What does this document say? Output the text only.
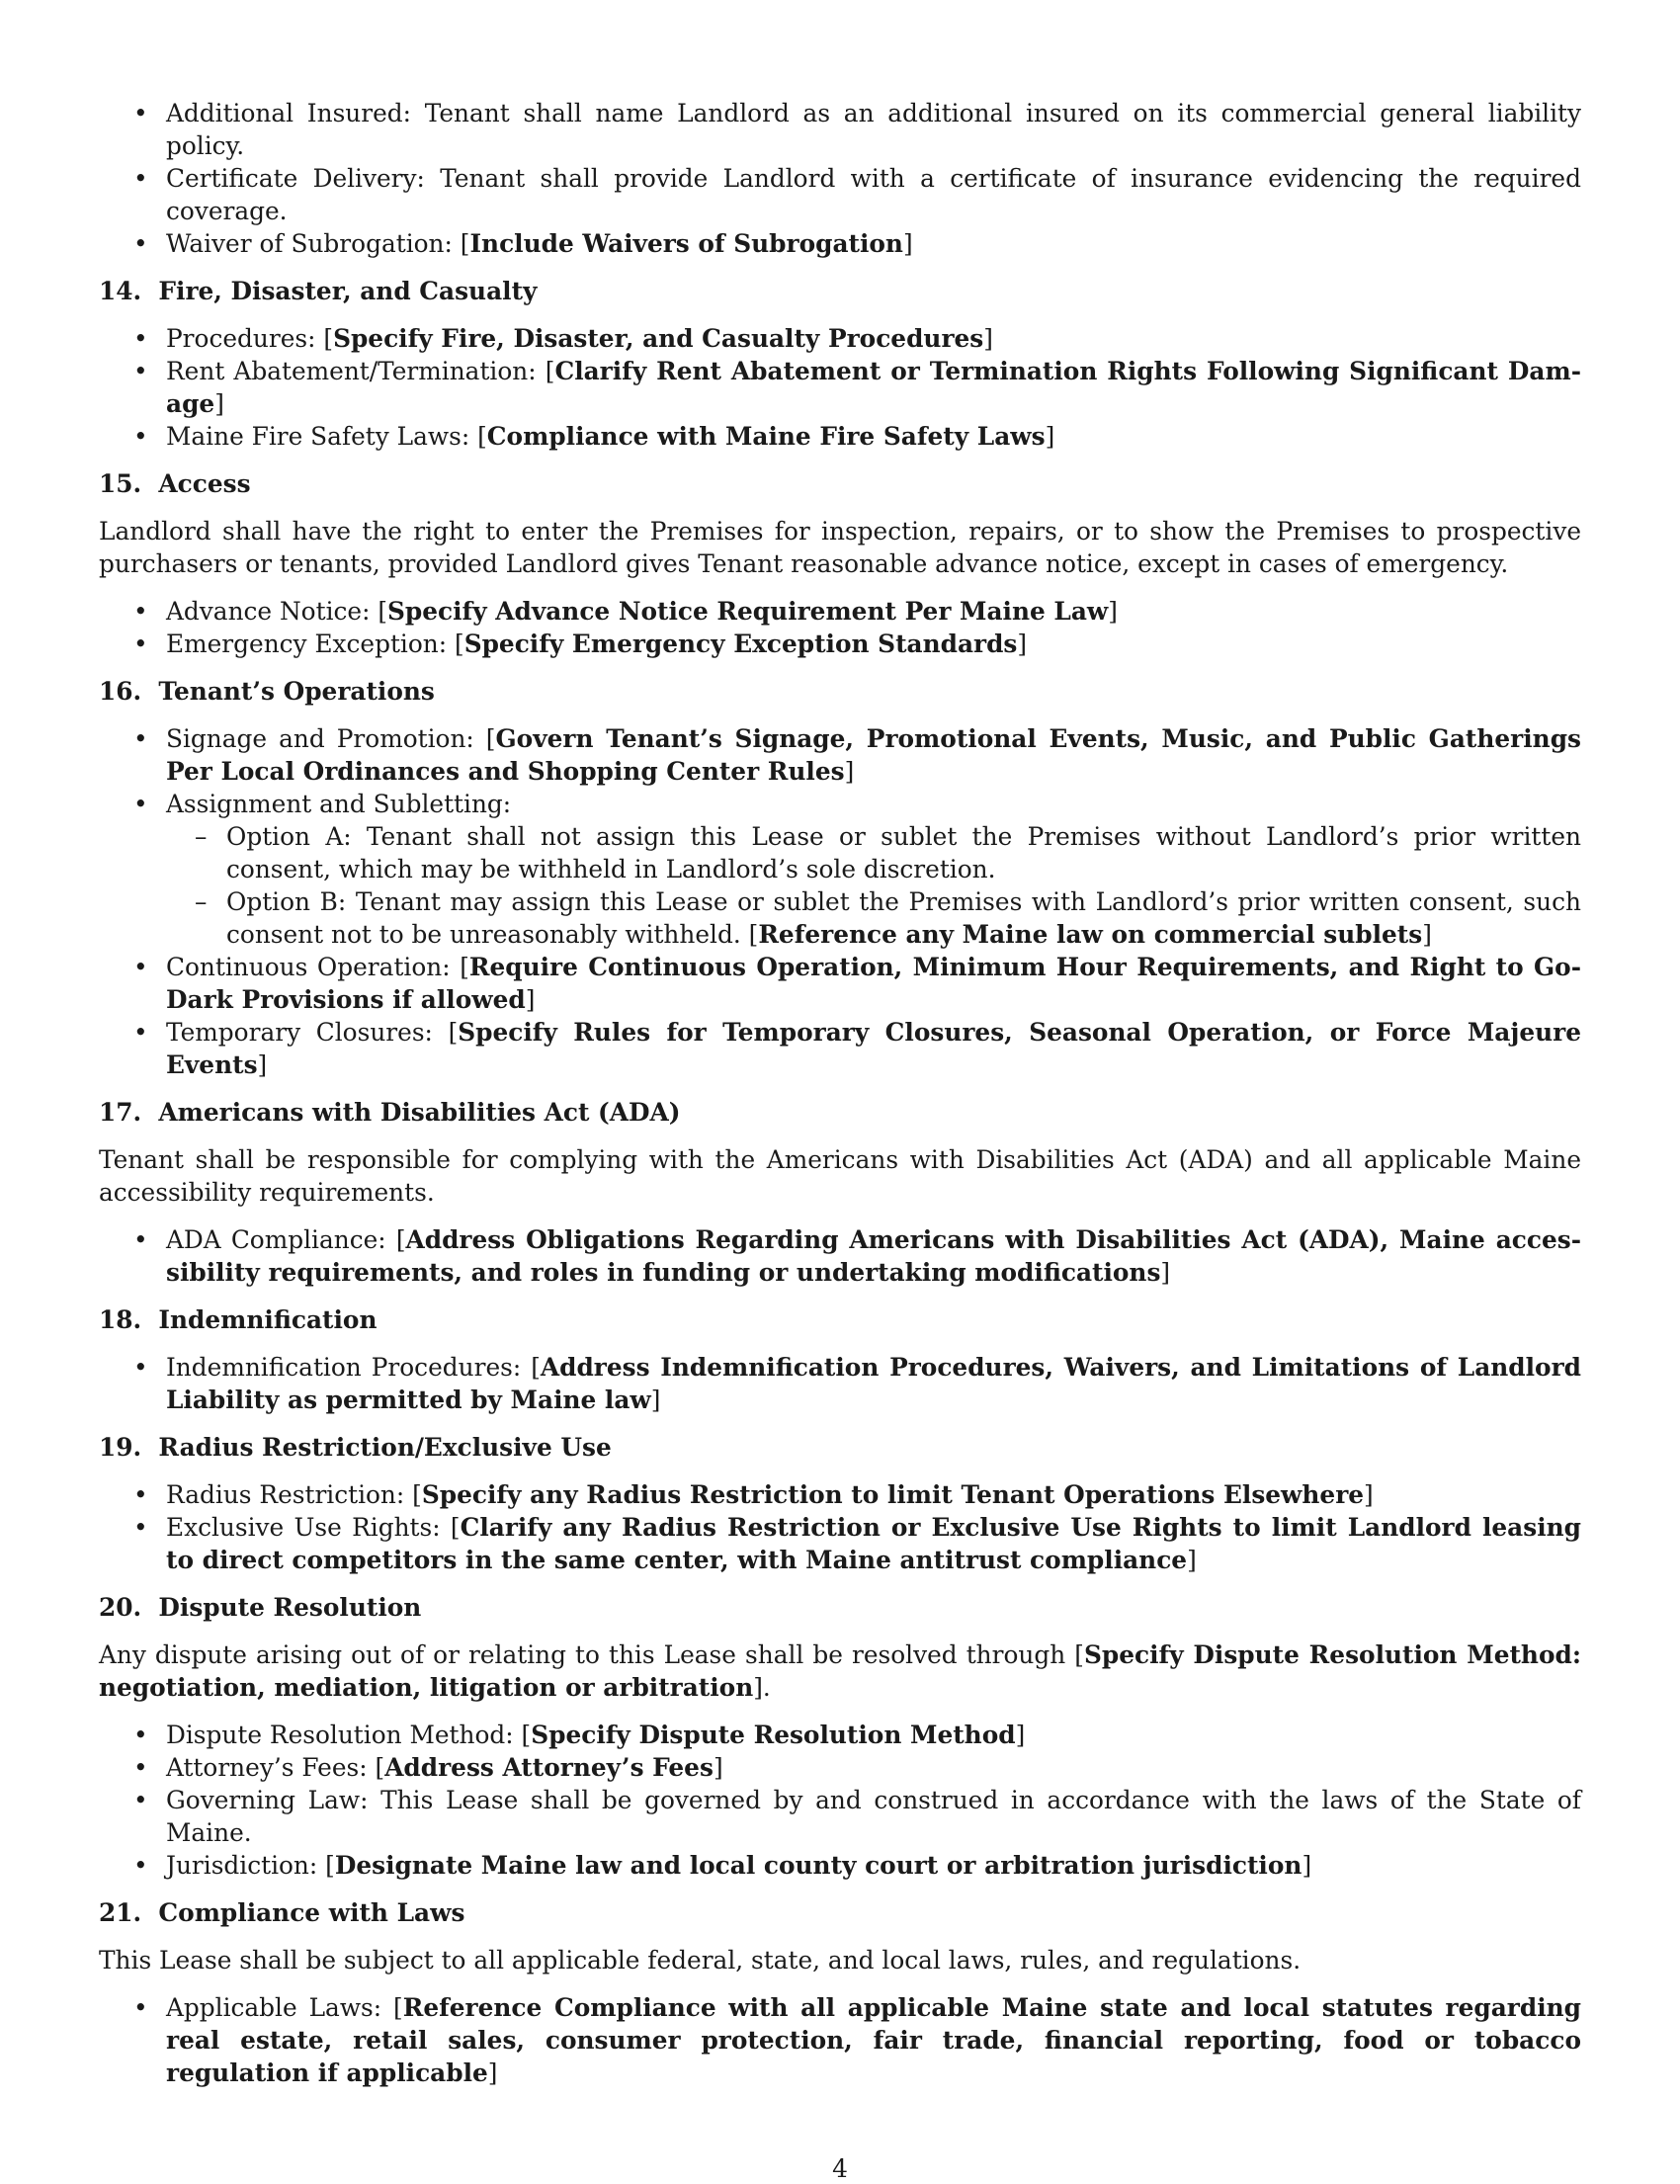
• Additional Insured: Tenant shall name Landlord as an additional insured on its commercial general liability policy.
• Certificate Delivery: Tenant shall provide Landlord with a certificate of insurance evidencing the required coverage.
• Waiver of Subrogation: [Include Waivers of Subrogation]
14. Fire, Disaster, and Casualty
• Procedures: [Specify Fire, Disaster, and Casualty Procedures]
• Rent Abatement/Termination: [Clarify Rent Abatement or Termination Rights Following Significant Damage]
• Maine Fire Safety Laws: [Compliance with Maine Fire Safety Laws]
15. Access

Landlord shall have the right to enter the Premises for inspection, repairs, or to show the Premises to prospective purchasers or tenants, provided Landlord gives Tenant reasonable advance notice, except in cases of emergency.

• Advance Notice: [Specify Advance Notice Requirement Per Maine Law]
• Emergency Exception: [Specify Emergency Exception Standards]
16. Tenant’s Operations
• Signage and Promotion: [Govern Tenant’s Signage, Promotional Events, Music, and Public Gatherings Per Local Ordinances and Shopping Center Rules]
• Assignment and Subletting:
– Option A: Tenant shall not assign this Lease or sublet the Premises without Landlord’s prior written consent, which may be withheld in Landlord’s sole discretion.
– Option B: Tenant may assign this Lease or sublet the Premises with Landlord’s prior written consent, such consent not to be unreasonably withheld. [Reference any Maine law on commercial sublets]
• Continuous Operation: [Require Continuous Operation, Minimum Hour Requirements, and Right to Go-Dark Provisions if allowed]
• Temporary Closures: [Specify Rules for Temporary Closures, Seasonal Operation, or Force Majeure Events]
17. Americans with Disabilities Act (ADA)

Tenant shall be responsible for complying with the Americans with Disabilities Act (ADA) and all applicable Maine accessibility requirements.

• ADA Compliance: [Address Obligations Regarding Americans with Disabilities Act (ADA), Maine accessibility requirements, and roles in funding or undertaking modifications]
18. Indemnification
• Indemnification Procedures: [Address Indemnification Procedures, Waivers, and Limitations of Landlord Liability as permitted by Maine law]
19. Radius Restriction/Exclusive Use
• Radius Restriction: [Specify any Radius Restriction to limit Tenant Operations Elsewhere]
• Exclusive Use Rights: [Clarify any Radius Restriction or Exclusive Use Rights to limit Landlord leasing to direct competitors in the same center, with Maine antitrust compliance]
20. Dispute Resolution

Any dispute arising out of or relating to this Lease shall be resolved through [Specify Dispute Resolution Method: negotiation, mediation, litigation or arbitration].

• Dispute Resolution Method: [Specify Dispute Resolution Method]
• Attorney’s Fees: [Address Attorney’s Fees]
• Governing Law: This Lease shall be governed by and construed in accordance with the laws of the State of Maine.
• Jurisdiction: [Designate Maine law and local county court or arbitration jurisdiction]
21. Compliance with Laws

This Lease shall be subject to all applicable federal, state, and local laws, rules, and regulations.

• Applicable Laws: [Reference Compliance with all applicable Maine state and local statutes regarding real estate, retail sales, consumer protection, fair trade, financial reporting, food or tobacco regulation if applicable]
4
